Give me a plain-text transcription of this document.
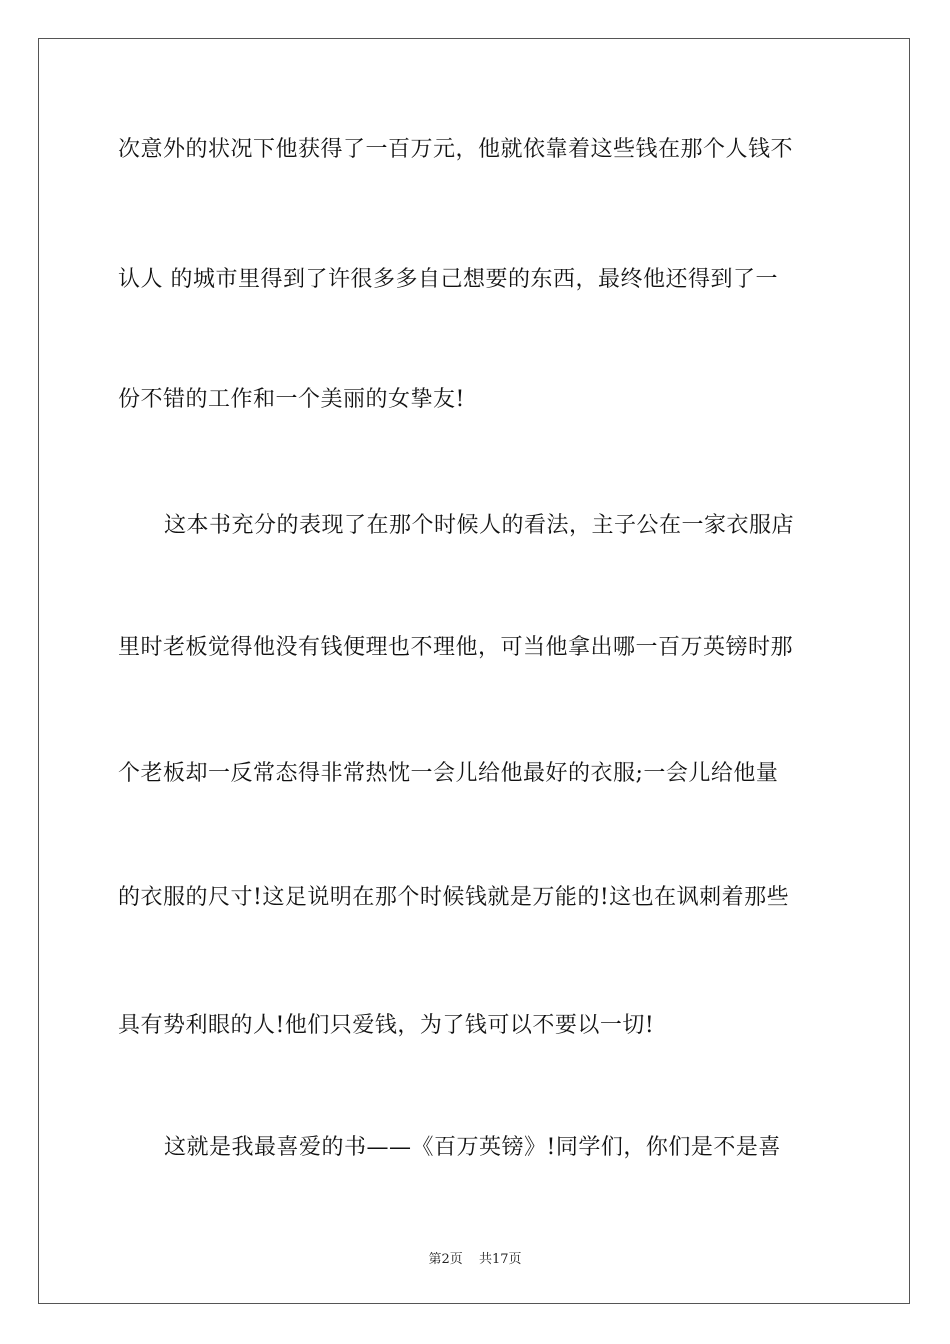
次意外的状况下他获得了一百万元，他就依靠着这些钱在那个人钱不
认人 的城市里得到了许很多多自己想要的东西，最终他还得到了一
份不错的工作和一个美丽的女挚友!
这本书充分的表现了在那个时候人的看法，主子公在一家衣服店
里时老板觉得他没有钱便理也不理他，可当他拿出哪一百万英镑时那
个老板却一反常态得非常热忱一会儿给他最好的衣服;一会儿给他量
的衣服的尺寸!这足说明在那个时候钱就是万能的!这也在讽刺着那些
具有势利眼的人!他们只爱钱，为了钱可以不要以一切!
这就是我最喜爱的书——《百万英镑》!同学们，你们是不是喜
第2页 共17页
